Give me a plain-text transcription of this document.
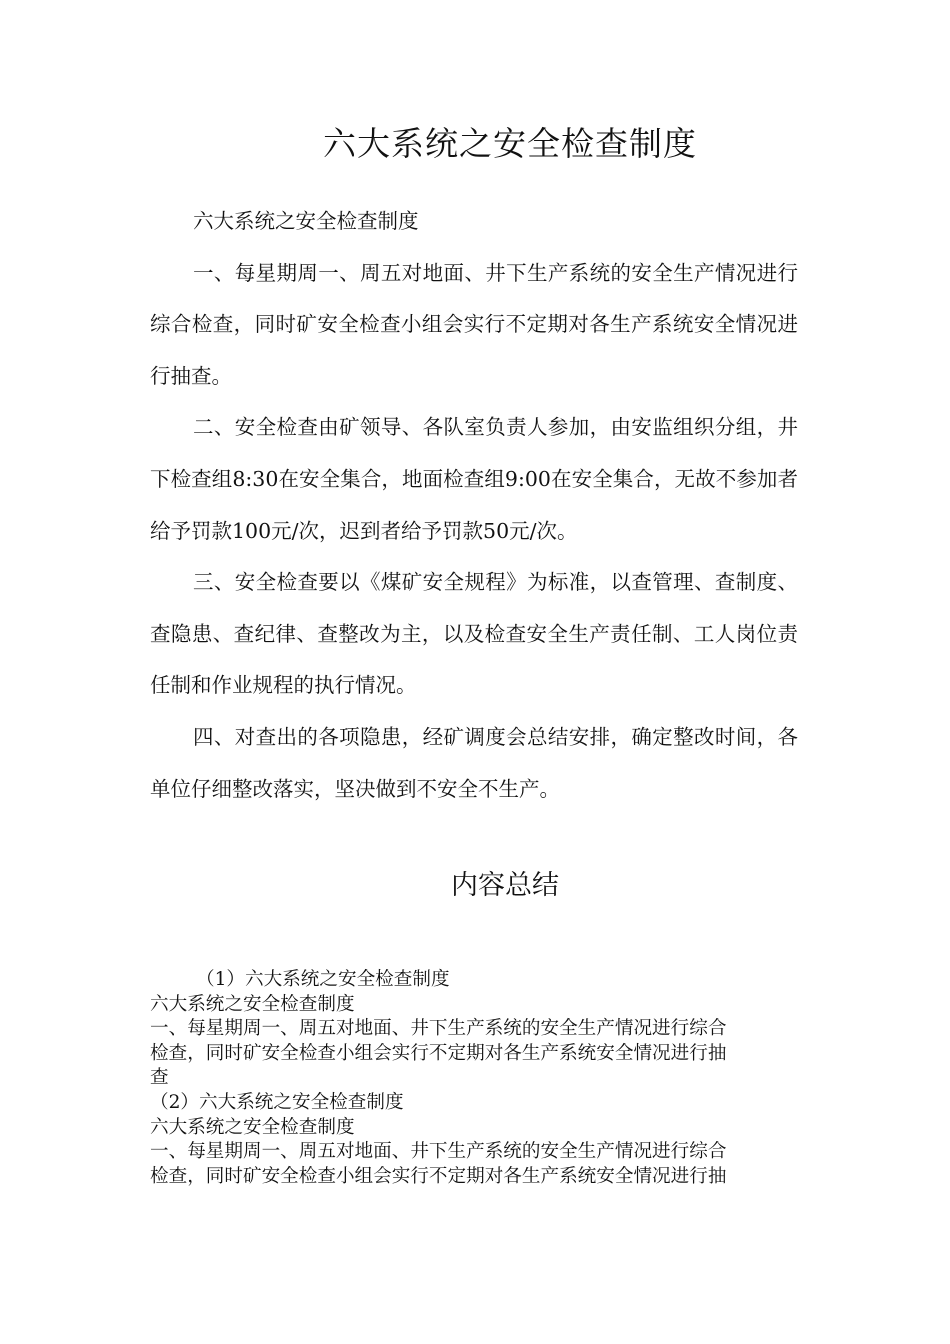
六大系统之安全检查制度

六大系统之安全检查制度

一、每星期周一、周五对地面、井下生产系统的安全生产情况进行综合检查，同时矿安全检查小组会实行不定期对各生产系统安全情况进行抽查。

二、安全检查由矿领导、各队室负责人参加，由安监组织分组，井下检查组8:30在安全集合，地面检查组9:00在安全集合，无故不参加者给予罚款100元/次，迟到者给予罚款50元/次。

三、安全检查要以《煤矿安全规程》为标准，以查管理、查制度、查隐患、查纪律、查整改为主，以及检查安全生产责任制、工人岗位责任制和作业规程的执行情况。

四、对查出的各项隐患，经矿调度会总结安排，确定整改时间，各单位仔细整改落实，坚决做到不安全不生产。

内容总结
（1）六大系统之安全检查制度
六大系统之安全检查制度
一、每星期周一、周五对地面、井下生产系统的安全生产情况进行综合
检查，同时矿安全检查小组会实行不定期对各生产系统安全情况进行抽
查
（2）六大系统之安全检查制度
六大系统之安全检查制度
一、每星期周一、周五对地面、井下生产系统的安全生产情况进行综合
检查，同时矿安全检查小组会实行不定期对各生产系统安全情况进行抽
